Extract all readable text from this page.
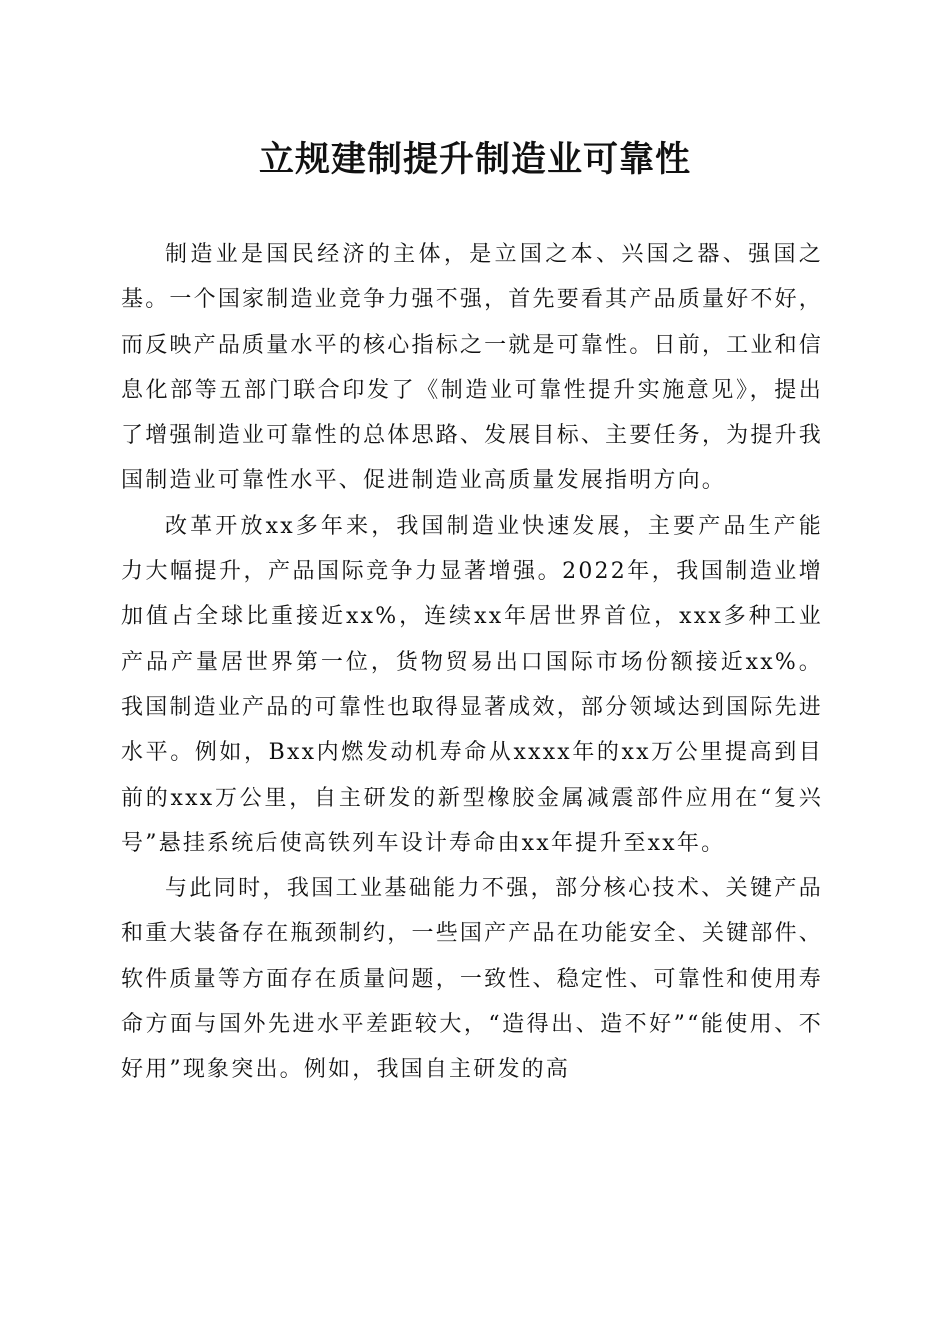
立规建制提升制造业可靠性

制造业是国民经济的主体，是立国之本、兴国之器、强国之基。一个国家制造业竞争力强不强，首先要看其产品质量好不好，而反映产品质量水平的核心指标之一就是可靠性。日前，工业和信息化部等五部门联合印发了《制造业可靠性提升实施意见》，提出了增强制造业可靠性的总体思路、发展目标、主要任务，为提升我国制造业可靠性水平、促进制造业高质量发展指明方向。

改革开放xx多年来，我国制造业快速发展，主要产品生产能力大幅提升，产品国际竞争力显著增强。2022年，我国制造业增加值占全球比重接近xx%，连续xx年居世界首位，xxx多种工业产品产量居世界第一位，货物贸易出口国际市场份额接近xx%。我国制造业产品的可靠性也取得显著成效，部分领域达到国际先进水平。例如，Bxx内燃发动机寿命从xxxx年的xx万公里提高到目前的xxx万公里，自主研发的新型橡胶金属减震部件应用在“复兴号”悬挂系统后使高铁列车设计寿命由xx年提升至xx年。

与此同时，我国工业基础能力不强，部分核心技术、关键产品和重大装备存在瓶颈制约，一些国产产品在功能安全、关键部件、软件质量等方面存在质量问题，一致性、稳定性、可靠性和使用寿命方面与国外先进水平差距较大，“造得出、造不好”“能使用、不好用”现象突出。例如，我国自主研发的高
